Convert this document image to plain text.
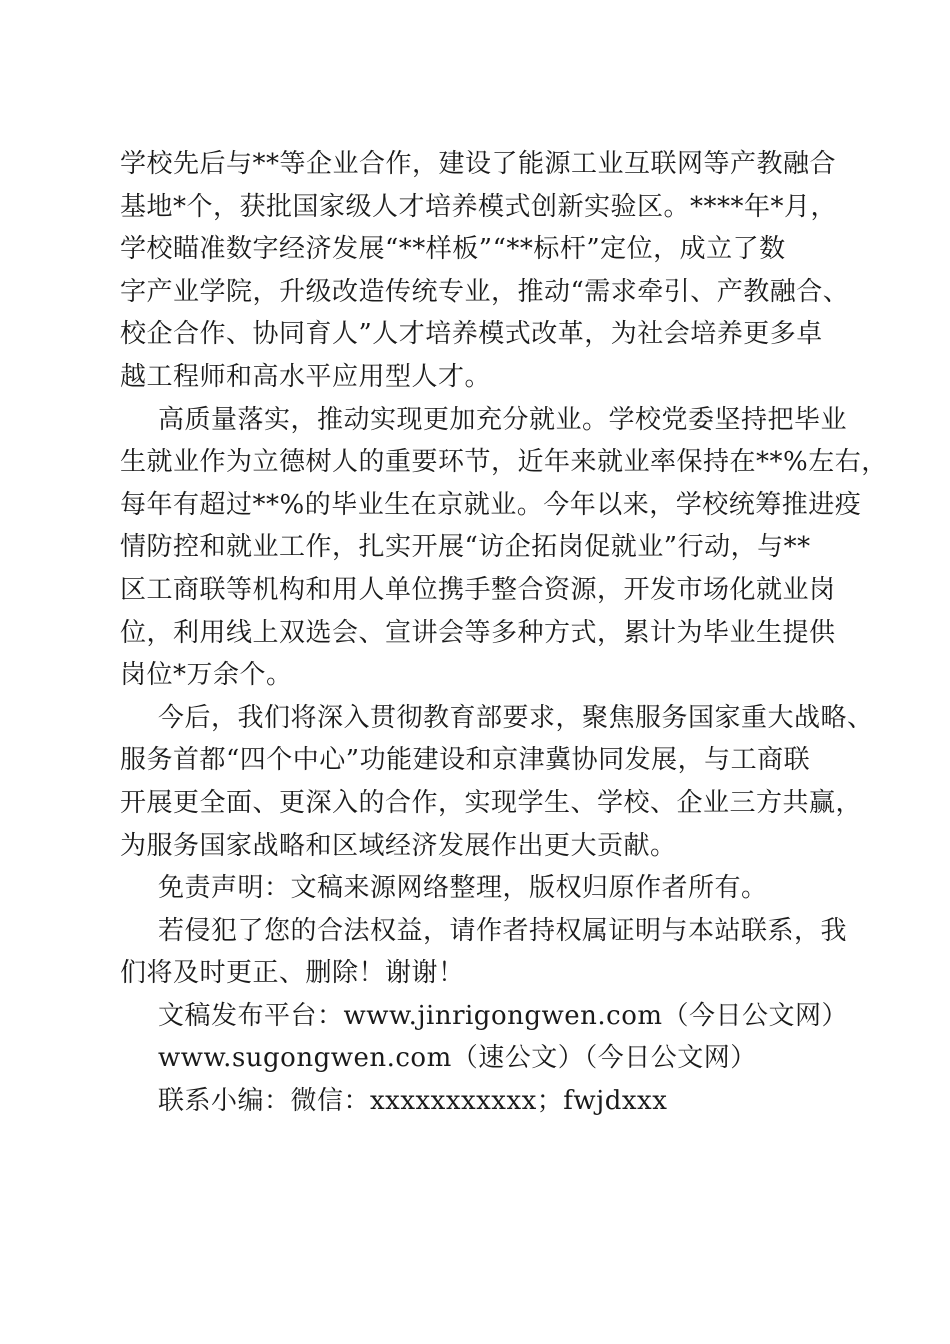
学校先后与**等企业合作，建设了能源工业互联网等产教融合
基地*个，获批国家级人才培养模式创新实验区。****年*月，
学校瞄准数字经济发展“**样板”“**标杆”定位，成立了数
字产业学院，升级改造传统专业，推动“需求牵引、产教融合、
校企合作、协同育人”人才培养模式改革，为社会培养更多卓
越工程师和高水平应用型人才。
高质量落实，推动实现更加充分就业。学校党委坚持把毕业
生就业作为立德树人的重要环节，近年来就业率保持在**%左右，
每年有超过**%的毕业生在京就业。今年以来，学校统筹推进疫
情防控和就业工作，扎实开展“访企拓岗促就业”行动，与**
区工商联等机构和用人单位携手整合资源，开发市场化就业岗
位，利用线上双选会、宣讲会等多种方式，累计为毕业生提供
岗位*万余个。
今后，我们将深入贯彻教育部要求，聚焦服务国家重大战略、
服务首都“四个中心”功能建设和京津冀协同发展，与工商联
开展更全面、更深入的合作，实现学生、学校、企业三方共赢，
为服务国家战略和区域经济发展作出更大贡献。
免责声明：文稿来源网络整理，版权归原作者所有。
若侵犯了您的合法权益，请作者持权属证明与本站联系，我
们将及时更正、删除！谢谢！
文稿发布平台：www.jinrigongwen.com（今日公文网）
www.sugongwen.com（速公文）（今日公文网）
联系小编：微信：xxxxxxxxxxx；fwjdxxx
